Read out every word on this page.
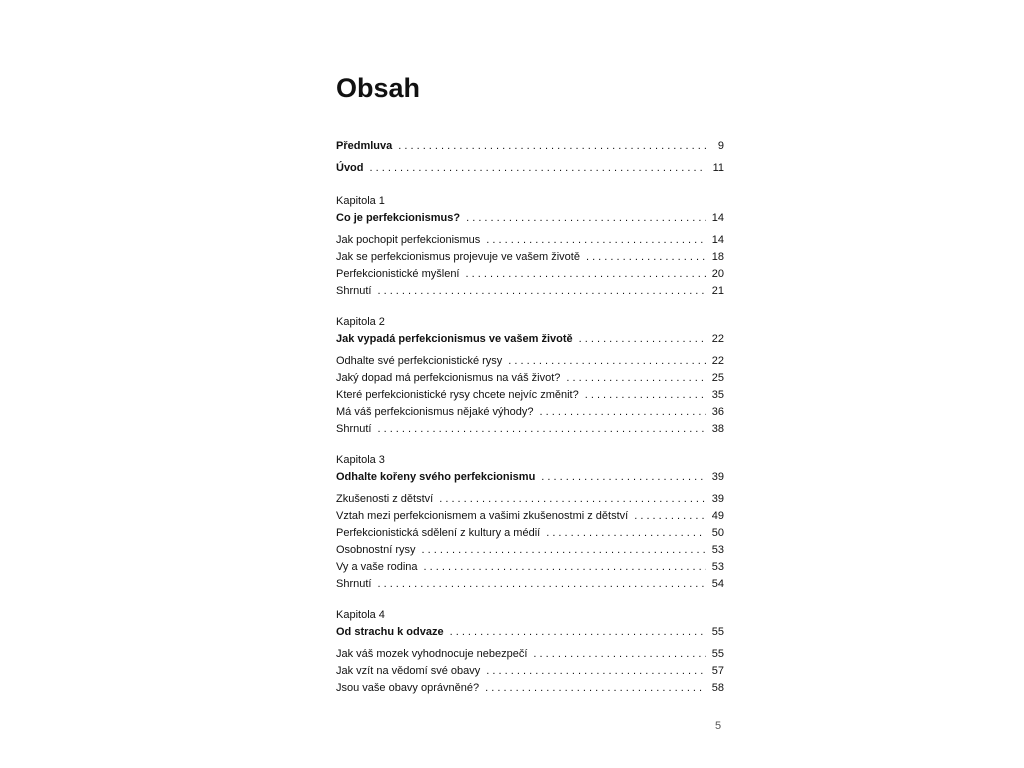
Obsah
Předmluva . . .	9
Úvod . . .	11
Kapitola 1
Co je perfekcionismus? . . .	14
Jak pochopit perfekcionismus . . .	14
Jak se perfekcionismus projevuje ve vašem životě . . .	18
Perfekcionistické myšlení . . .	20
Shrnutí . . .	21
Kapitola 2
Jak vypadá perfekcionismus ve vašem životě . . .	22
Odhalte své perfekcionistické rysy . . .	22
Jaký dopad má perfekcionismus na váš život? . . .	25
Které perfekcionistické rysy chcete nejvíc změnit? . . .	35
Má váš perfekcionismus nějaké výhody? . . .	36
Shrnutí . . .	38
Kapitola 3
Odhalte kořeny svého perfekcionismu . . .	39
Zkušenosti z dětství . . .	39
Vztah mezi perfekcionismem a vašimi zkušenostmi z dětství . . .	49
Perfekcionistická sdělení z kultury a médií . . .	50
Osobnostní rysy . . .	53
Vy a vaše rodina . . .	53
Shrnutí . . .	54
Kapitola 4
Od strachu k odvaze . . .	55
Jak váš mozek vyhodnocuje nebezpečí . . .	55
Jak vzít na vědomí své obavy . . .	57
Jsou vaše obavy oprávněné? . . .	58
5
